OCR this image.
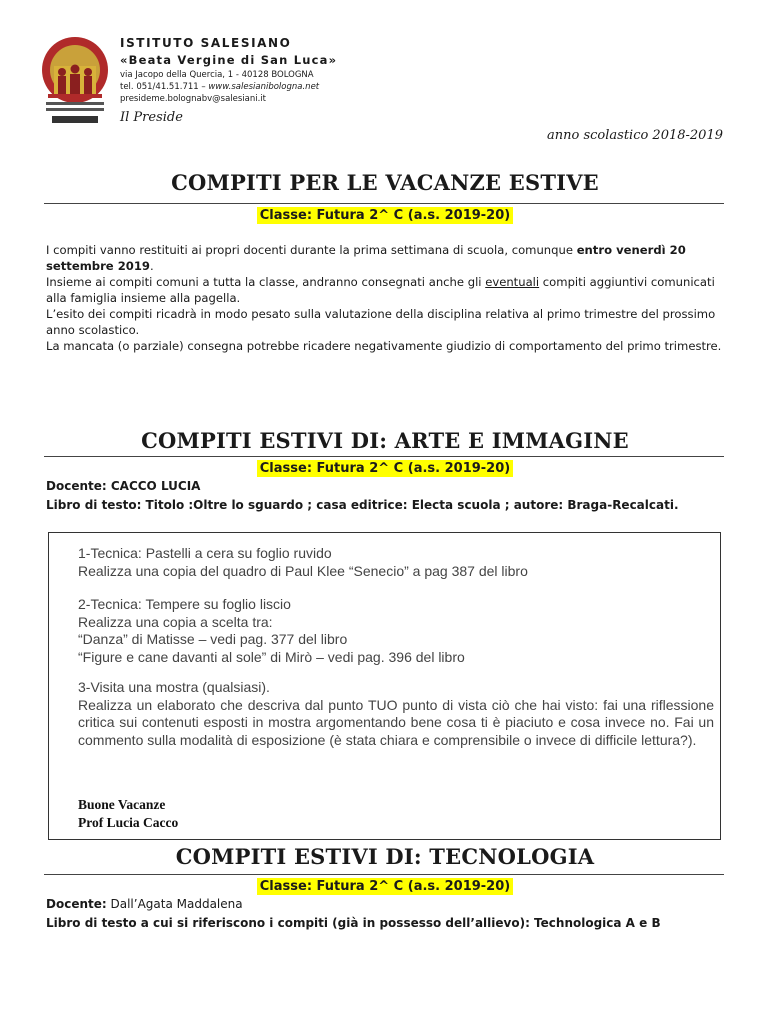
ISTITUTO SALESIANO
«Beata Vergine di San Luca»
via Jacopo della Quercia, 1 - 40128 BOLOGNA
tel. 051/41.51.711 – www.salesianibologna.net
presideme.bolognabv@salesiani.it
Il Preside
anno scolastico 2018-2019
COMPITI PER LE VACANZE ESTIVE
Classe: Futura 2^ C (a.s. 2019-20)

I compiti vanno restituiti ai propri docenti durante la prima settimana di scuola, comunque entro venerdì 20 settembre 2019.

Insieme ai compiti comuni a tutta la classe, andranno consegnati anche gli eventuali compiti aggiuntivi comunicati alla famiglia insieme alla pagella.

L’esito dei compiti ricadrà in modo pesato sulla valutazione della disciplina relativa al primo trimestre del prossimo anno scolastico.

La mancata (o parziale) consegna potrebbe ricadere negativamente giudizio di comportamento del primo trimestre.

COMPITI ESTIVI DI: ARTE E IMMAGINE
Classe: Futura 2^ C (a.s. 2019-20)
Docente: CACCO LUCIA
Libro di testo: Titolo :Oltre lo sguardo ; casa editrice: Electa scuola ; autore: Braga-Recalcati.

1-Tecnica: Pastelli a cera su foglio ruvido

Realizza una copia del quadro di Paul Klee “Senecio” a pag 387 del libro

2-Tecnica: Tempere su foglio liscio

Realizza una copia a scelta tra:

“Danza” di Matisse – vedi pag. 377 del libro

“Figure e cane davanti al sole” di Mirò – vedi pag. 396 del libro

3-Visita una mostra (qualsiasi).

Realizza un elaborato che descriva dal punto TUO punto di vista ciò che hai visto: fai una riflessione critica sui contenuti esposti in mostra argomentando bene cosa ti è piaciuto e cosa invece no. Fai un commento sulla modalità di esposizione (è stata chiara e comprensibile o invece di difficile lettura?).

Buone Vacanze
Prof Lucia Cacco
COMPITI ESTIVI DI: TECNOLOGIA
Classe: Futura 2^ C (a.s. 2019-20)
Docente: Dall’Agata Maddalena
Libro di testo a cui si riferiscono i compiti (già in possesso dell’allievo): Technologica A e B
